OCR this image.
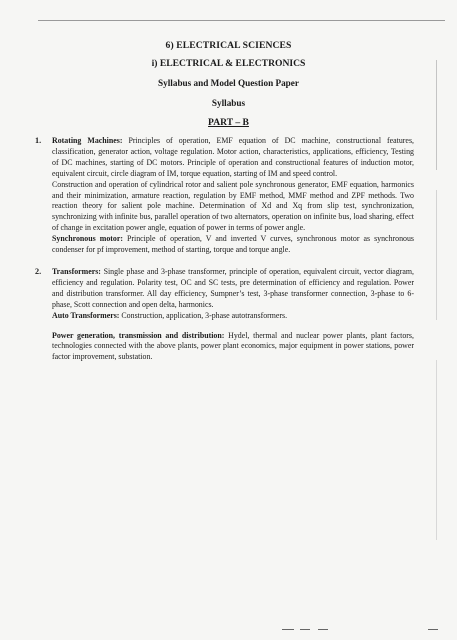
6) ELECTRICAL SCIENCES
i) ELECTRICAL & ELECTRONICS
Syllabus and Model Question Paper
Syllabus
PART – B
1. Rotating Machines: Principles of operation, EMF equation of DC machine, constructional features, classification, generator action, voltage regulation. Motor action, characteristics, applications, efficiency, Testing of DC machines, starting of DC motors. Principle of operation and constructional features of induction motor, equivalent circuit, circle diagram of IM, torque equation, starting of IM and speed control.

Construction and operation of cylindrical rotor and salient pole synchronous generator, EMF equation, harmonics and their minimization, armature reaction, regulation by EMF method, MMF method and ZPF methods. Two reaction theory for salient pole machine. Determination of Xd and Xq from slip test, synchronization, synchronizing with infinite bus, parallel operation of two alternators, operation on infinite bus, load sharing, effect of change in excitation power angle, equation of power in terms of power angle.

Synchronous motor: Principle of operation, V and inverted V curves, synchronous motor as synchronous condenser for pf improvement, method of starting, torque and torque angle.

2. Transformers: Single phase and 3-phase transformer, principle of operation, equivalent circuit, vector diagram, efficiency and regulation. Polarity test, OC and SC tests, pre determination of efficiency and regulation. Power and distribution transformer. All day efficiency, Sumpner’s test, 3-phase transformer connection, 3-phase to 6-phase, Scott connection and open delta, harmonics.

Auto Transformers: Construction, application, 3-phase autotransformers.

Power generation, transmission and distribution: Hydel, thermal and nuclear power plants, plant factors, technologies connected with the above plants, power plant economics, major equipment in power stations, power factor improvement, substation.
